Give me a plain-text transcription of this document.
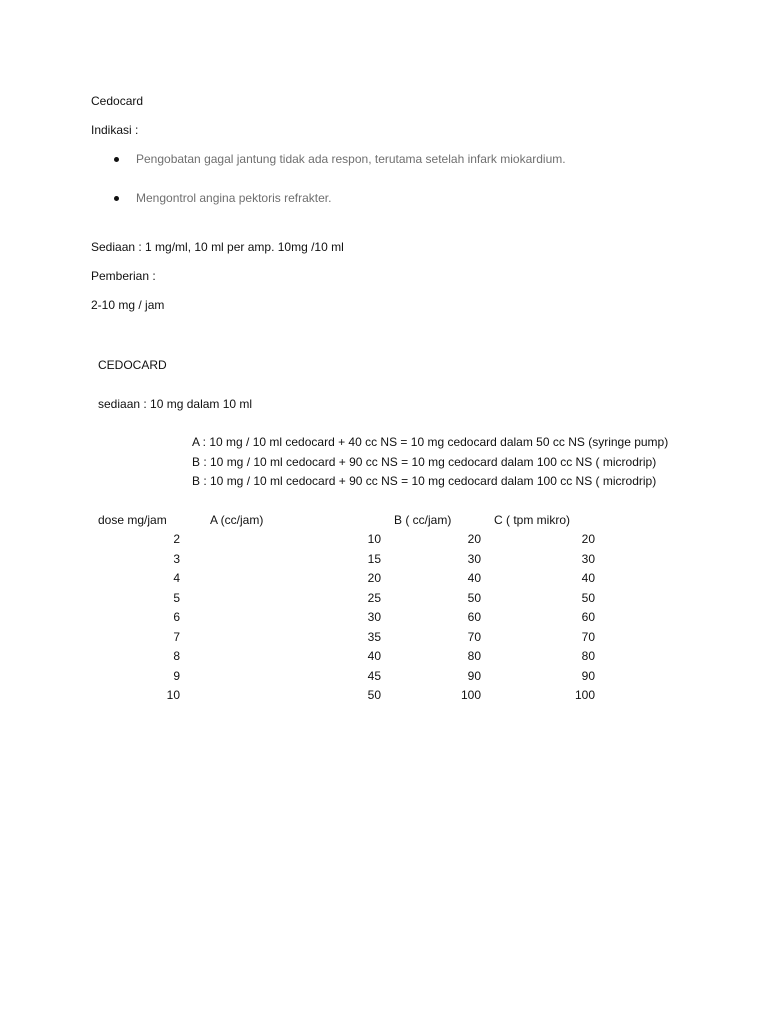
Cedocard
Indikasi :
Pengobatan gagal jantung tidak ada respon, terutama setelah infark miokardium.
Mengontrol angina pektoris refrakter.
Sediaan : 1 mg/ml, 10 ml per amp. 10mg /10 ml
Pemberian :
2-10 mg / jam
CEDOCARD
sediaan : 10 mg dalam 10 ml
A : 10 mg / 10 ml cedocard + 40 cc NS = 10 mg cedocard dalam 50 cc NS (syringe pump)
B : 10 mg / 10 ml cedocard + 90 cc NS = 10 mg cedocard dalam 100 cc NS ( microdrip)
B : 10 mg / 10 ml cedocard + 90 cc NS = 10 mg cedocard dalam 100 cc NS ( microdrip)
dose mg/jam	A (cc/jam)	B ( cc/jam)	C ( tpm mikro)
2	10	20	20
3	15	30	30
4	20	40	40
5	25	50	50
6	30	60	60
7	35	70	70
8	40	80	80
9	45	90	90
10	50	100	100
